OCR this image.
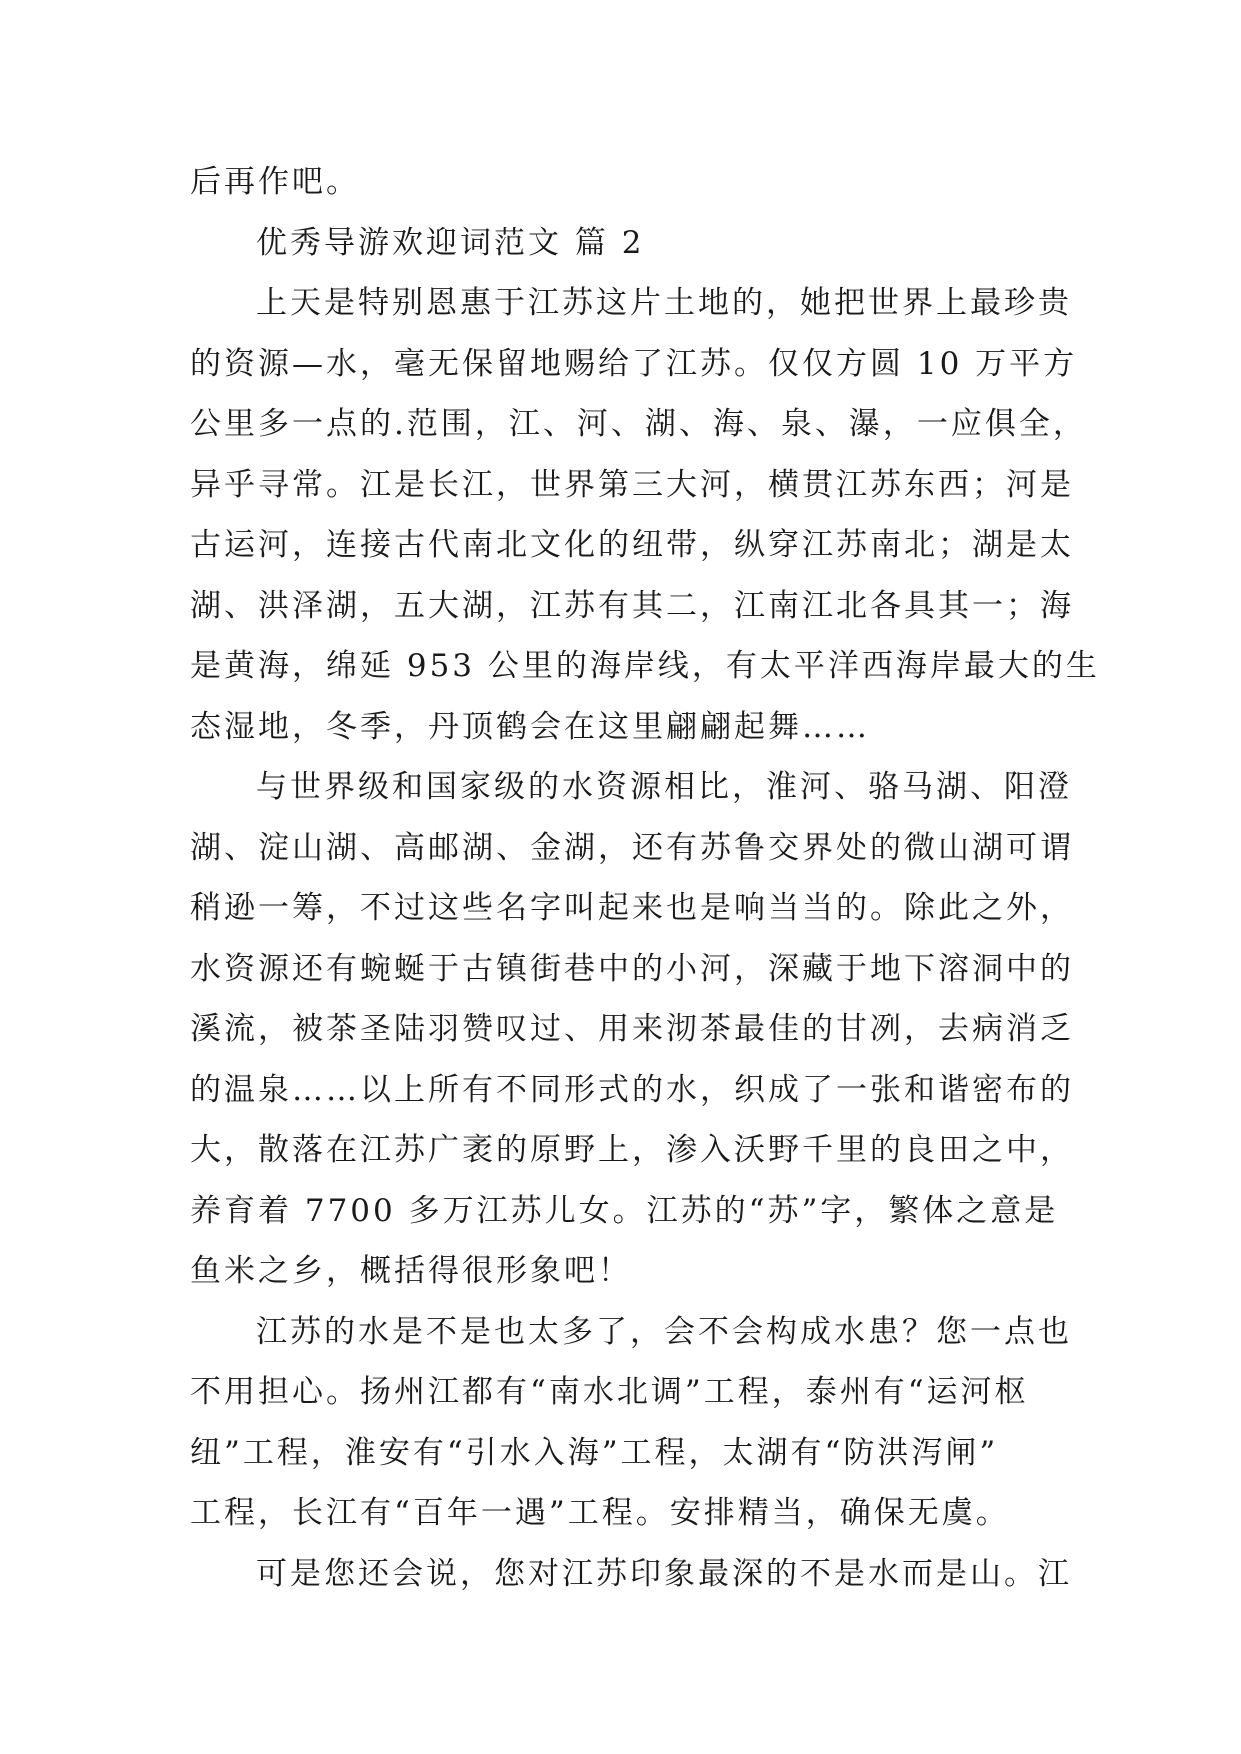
后再作吧。
优秀导游欢迎词范文 篇 2
上天是特别恩惠于江苏这片土地的，她把世界上最珍贵
的资源—水，毫无保留地赐给了江苏。仅仅方圆 10 万平方
公里多一点的.范围，江、河、湖、海、泉、瀑，一应俱全，
异乎寻常。江是长江，世界第三大河，横贯江苏东西；河是
古运河，连接古代南北文化的纽带，纵穿江苏南北；湖是太
湖、洪泽湖，五大湖，江苏有其二，江南江北各具其一；海
是黄海，绵延 953 公里的海岸线，有太平洋西海岸最大的生
态湿地，冬季，丹顶鹤会在这里翩翩起舞……
与世界级和国家级的水资源相比，淮河、骆马湖、阳澄
湖、淀山湖、高邮湖、金湖，还有苏鲁交界处的微山湖可谓
稍逊一筹，不过这些名字叫起来也是响当当的。除此之外，
水资源还有蜿蜒于古镇街巷中的小河，深藏于地下溶洞中的
溪流，被茶圣陆羽赞叹过、用来沏茶最佳的甘冽，去病消乏
的温泉……以上所有不同形式的水，织成了一张和谐密布的
大，散落在江苏广袤的原野上，渗入沃野千里的良田之中，
养育着 7700 多万江苏儿女。江苏的“苏”字，繁体之意是
鱼米之乡，概括得很形象吧！
江苏的水是不是也太多了，会不会构成水患？您一点也
不用担心。扬州江都有“南水北调”工程，泰州有“运河枢
纽”工程，淮安有“引水入海”工程，太湖有“防洪泻闸”
工程，长江有“百年一遇”工程。安排精当，确保无虞。
可是您还会说，您对江苏印象最深的不是水而是山。江
